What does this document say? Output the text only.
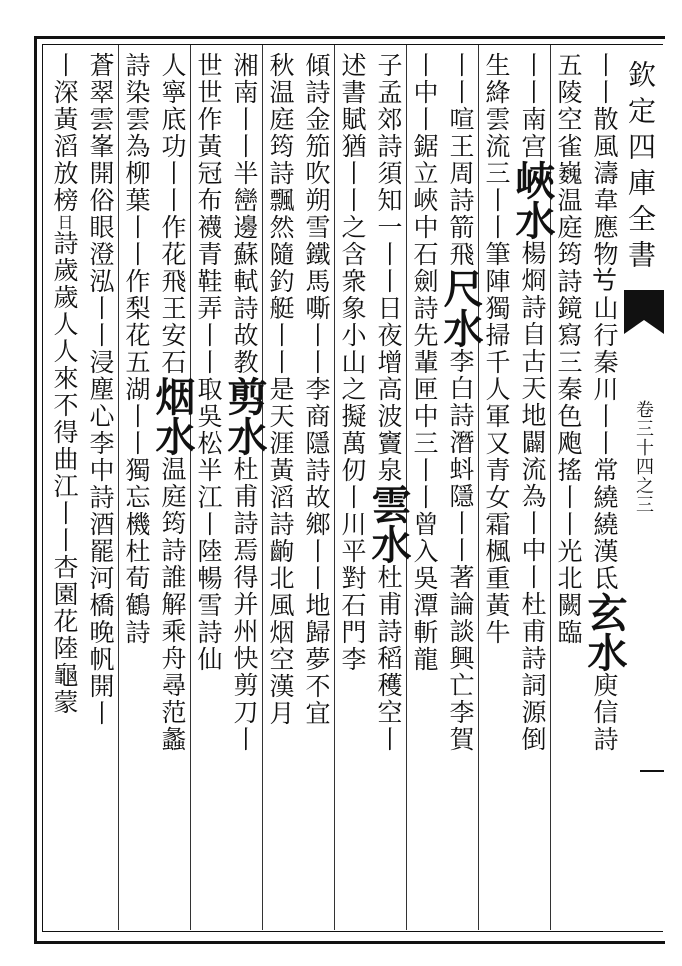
丨丨散風濤韋應物𠔃山行秦川丨丨常繞繞漢氐玄水庾信詩
五陵空雀巍温庭筠詩鏡寫三秦色飑搖丨丨光北闕臨
丨丨南宫峽水楊烱詩自古天地闢流為丨中丨杜甫詩詞源倒
生絳雲流三丨丨筆陣獨掃千人軍又青女霜楓重黃牛
丨丨喧王周詩箭飛尺水李白詩潛蚪隱丨丨著論談興亡李賀
丨中丨鋸立峽中石劍詩先輩匣中三丨丨曾入吳潭斬龍
子孟郊詩須知一丨丨日夜增高波竇泉雲水杜甫詩稻穫空丨
述書賦猶丨丨之含衆象小山之擬萬仞丨川平對石門李
傾詩金笳吹朔雪鐵馬嘶丨丨李商隱詩故鄉丨丨地歸夢不宜
秋温庭筠詩飄然隨釣艇丨丨是天涯黃滔詩齣北風烟空漢月
湘南丨丨半巒邊蘇軾詩故教剪水杜甫詩焉得并州快剪刀丨
世世作黃冠布襪青鞋弄丨丨取吳松半江丨陸暢雪詩仙
人寧底功丨丨作花飛王安石烟水温庭筠詩誰解乘舟尋范蠡
詩染雲為柳葉丨丨作梨花五湖丨丨獨忘機杜荀鶴詩
蒼翠雲峯開俗眼澄泓丨丨浸塵心李中詩酒罷河橋晚帆開丨
丨深黃滔放榜日詩歲歲人人來不得曲江丨丨杏園花陸龜蒙
欽定四庫全書
卷三十四之三
